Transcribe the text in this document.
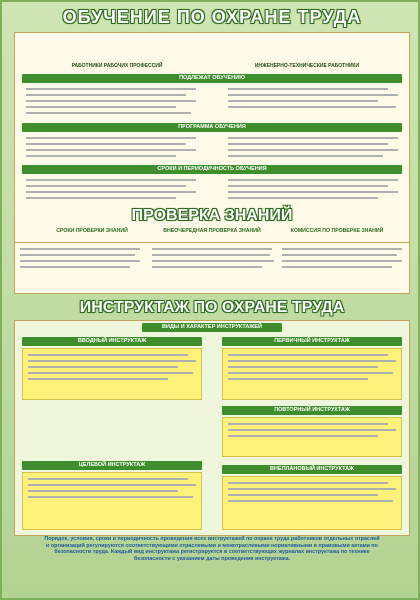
ОБУЧЕНИЕ ПО ОХРАНЕ ТРУДА
РАБОТНИКИ РАБОЧИХ ПРОФЕССИЙ	ИНЖЕНЕРНО-ТЕХНИЧЕСКИЕ РАБОТНИКИ
ПОДЛЕЖАТ ОБУЧЕНИЮ
ПРОГРАММА ОБУЧЕНИЯ
СРОКИ И ПЕРИОДИЧНОСТЬ ОБУЧЕНИЯ
ПРОВЕРКА ЗНАНИЙ
СРОКИ ПРОВЕРКИ ЗНАНИЙ	ВНЕОЧЕРЕДНАЯ ПРОВЕРКА ЗНАНИЙ	КОМИССИЯ ПО ПРОВЕРКЕ ЗНАНИЙ
ИНСТРУКТАЖ ПО ОХРАНЕ ТРУДА
ВИДЫ И ХАРАКТЕР ИНСТРУКТАЖЕЙ
ВВОДНЫЙ ИНСТРУКТАЖ	ПЕРВИЧНЫЙ ИНСТРУКТАЖ
ПОВТОРНЫЙ ИНСТРУКТАЖ
ЦЕЛЕВОЙ ИНСТРУКТАЖ
ВНЕПЛАНОВЫЙ ИНСТРУКТАЖ
Порядок, условия, сроки и периодичность проведения всех инструктажей по охране труда работников отдельных отраслей и организаций регулируются соответствующими отраслевыми и межотраслевыми нормативными и правовыми актами по безопасности труда. Каждый вид инструктажа регистрируется в соответствующих журналах инструктажа по технике безопасности с указанием даты проведения инструктажа.
